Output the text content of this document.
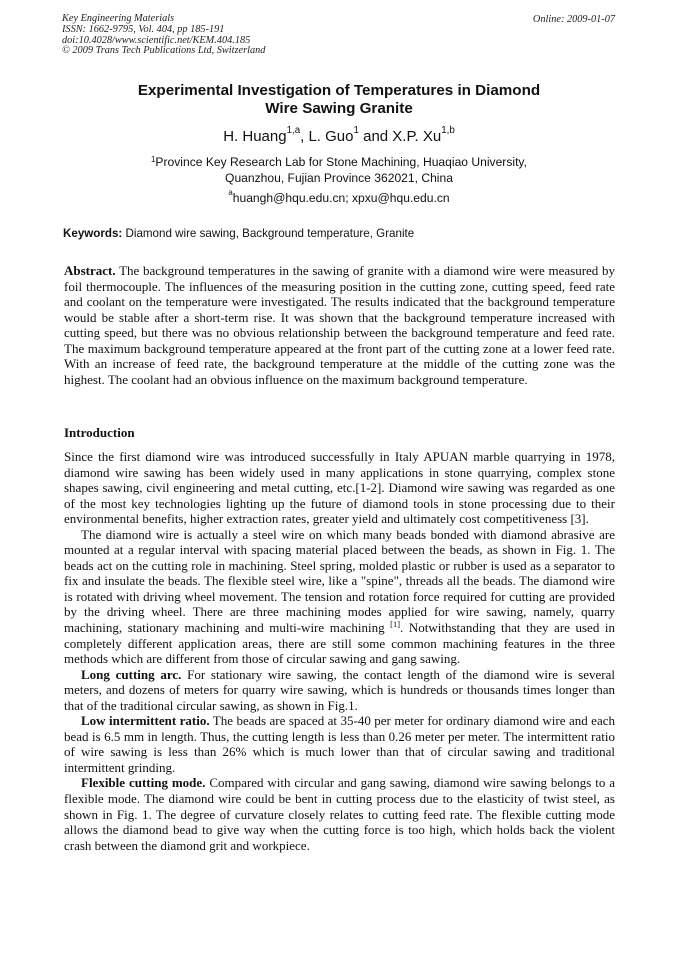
Key Engineering Materials
ISSN: 1662-9795, Vol. 404, pp 185-191
doi:10.4028/www.scientific.net/KEM.404.185
© 2009 Trans Tech Publications Ltd, Switzerland
Online: 2009-01-07
Experimental Investigation of Temperatures in Diamond
Wire Sawing Granite
H. Huang$^{1,a}$, L. Guo$^1$ and X.P. Xu$^{1,b}$
$^1$Province Key Research Lab for Stone Machining, Huaqiao University,
Quanzhou, Fujian Province 362021, China
$^a$huangh@hqu.edu.cn; xpxu@hqu.edu.cn
Keywords: Diamond wire sawing, Background temperature, Granite

Abstract. The background temperatures in the sawing of granite with a diamond wire were measured by foil thermocouple. The influences of the measuring position in the cutting zone, cutting speed, feed rate and coolant on the temperature were investigated. The results indicated that the background temperature would be stable after a short-term rise. It was shown that the background temperature increased with cutting speed, but there was no obvious relationship between the background temperature and feed rate. The maximum background temperature appeared at the front part of the cutting zone at a lower feed rate. With an increase of feed rate, the background temperature at the middle of the cutting zone was the highest. The coolant had an obvious influence on the maximum background temperature.

Introduction

Since the first diamond wire was introduced successfully in Italy APUAN marble quarrying in 1978, diamond wire sawing has been widely used in many applications in stone quarrying, complex stone shapes sawing, civil engineering and metal cutting, etc.[1-2]. Diamond wire sawing was regarded as one of the most key technologies lighting up the future of diamond tools in stone processing due to their environmental benefits, higher extraction rates, greater yield and ultimately cost competitiveness [3].

The diamond wire is actually a steel wire on which many beads bonded with diamond abrasive are mounted at a regular interval with spacing material placed between the beads, as shown in Fig. 1. The beads act on the cutting role in machining. Steel spring, molded plastic or rubber is used as a separator to fix and insulate the beads. The flexible steel wire, like a "spine", threads all the beads. The diamond wire is rotated with driving wheel movement. The tension and rotation force required for cutting are provided by the driving wheel. There are three machining modes applied for wire sawing, namely, quarry machining, stationary machining and multi-wire machining [1]. Notwithstanding that they are used in completely different application areas, there are still some common machining features in the three methods which are different from those of circular sawing and gang sawing.

Long cutting arc. For stationary wire sawing, the contact length of the diamond wire is several meters, and dozens of meters for quarry wire sawing, which is hundreds or thousands times longer than that of the traditional circular sawing, as shown in Fig.1.

Low intermittent ratio. The beads are spaced at 35-40 per meter for ordinary diamond wire and each bead is 6.5 mm in length. Thus, the cutting length is less than 0.26 meter per meter. The intermittent ratio of wire sawing is less than 26% which is much lower than that of circular sawing and traditional intermittent grinding.

Flexible cutting mode. Compared with circular and gang sawing, diamond wire sawing belongs to a flexible mode. The diamond wire could be bent in cutting process due to the elasticity of twist steel, as shown in Fig. 1. The degree of curvature closely relates to cutting feed rate. The flexible cutting mode allows the diamond bead to give way when the cutting force is too high, which holds back the violent crash between the diamond grit and workpiece.
